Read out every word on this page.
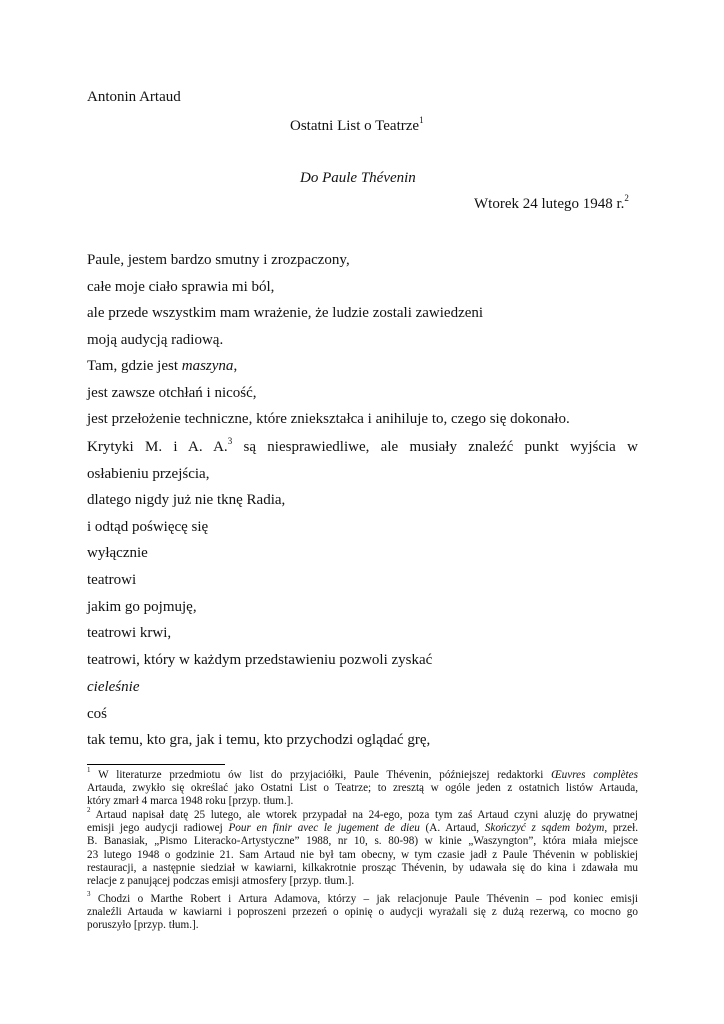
Antonin Artaud
Ostatni List o Teatrze$^1$
Do Paule Thévenin
Wtorek 24 lutego 1948 r.$^2$
Paule, jestem bardzo smutny i zrozpaczony,
całe moje ciało sprawia mi ból,
ale przede wszystkim mam wrażenie, że ludzie zostali zawiedzeni
moją audycją radiową.
Tam, gdzie jest maszyna,
jest zawsze otchłań i nicość,
jest przełożenie techniczne, które zniekształca i anihiluje to, czego się dokonało.
Krytyki M. i A. A.$^3$ są niesprawiedliwe, ale musiały znaleźć punkt wyjścia w
osłabieniu przejścia,
dlatego nigdy już nie tknę Radia,
i odtąd poświęcę się
wyłącznie
teatrowi
jakim go pojmuję,
teatrowi krwi,
teatrowi, który w każdym przedstawieniu pozwoli zyskać
cieleśnie
coś
tak temu, kto gra, jak i temu, kto przychodzi oglądać grę,
$^1$ W literaturze przedmiotu ów list do przyjaciółki, Paule Thévenin, późniejszej redaktorki Œuvres complètes
Artauda, zwykło się określać jako Ostatni List o Teatrze; to zresztą w ogóle jeden z ostatnich listów Artauda,
który zmarł 4 marca 1948 roku [przyp. tłum.].
$^2$ Artaud napisał datę 25 lutego, ale wtorek przypadał na 24-ego, poza tym zaś Artaud czyni aluzję do prywatnej
emisji jego audycji radiowej Pour en finir avec le jugement de dieu (A. Artaud, Skończyć z sądem bożym, przeł.
B. Banasiak, „Pismo Literacko-Artystyczne” 1988, nr 10, s. 80-98) w kinie „Waszyngton”, która miała miejsce
23 lutego 1948 o godzinie 21. Sam Artaud nie był tam obecny, w tym czasie jadł z Paule Thévenin w pobliskiej
restauracji, a następnie siedział w kawiarni, kilkakrotnie prosząc Thévenin, by udawała się do kina i zdawała mu
relacje z panującej podczas emisji atmosfery [przyp. tłum.].
$^3$ Chodzi o Marthe Robert i Artura Adamova, którzy – jak relacjonuje Paule Thévenin – pod koniec emisji
znaleźli Artauda w kawiarni i poproszeni przezeń o opinię o audycji wyrażali się z dużą rezerwą, co mocno go
poruszyło [przyp. tłum.].
